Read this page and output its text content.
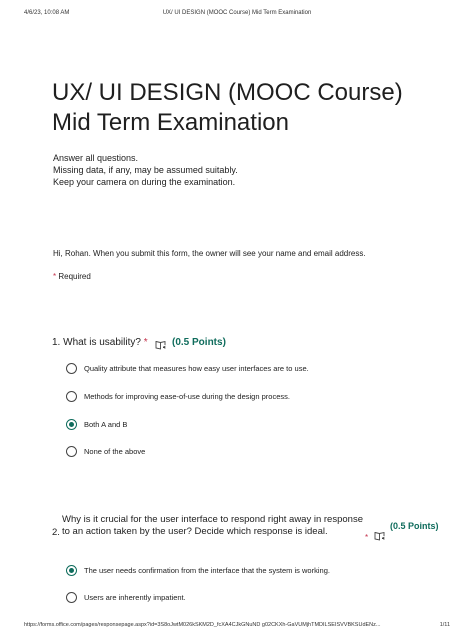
4/6/23, 10:08 AM	UX/ UI DESIGN (MOOC Course) Mid Term Examination
UX/ UI DESIGN (MOOC Course) Mid Term Examination
Answer all questions.
Missing data, if any, may be assumed suitably.
Keep your camera on during the examination.
Hi, Rohan. When you submit this form, the owner will see your name and email address.
* Required
1. What is usability? * (0.5 Points)
Quality attribute that measures how easy user interfaces are to use.
Methods for improving ease-of-use during the design process.
Both A and B
None of the above
Why is it crucial for the user interface to respond right away in response to an action taken by the user? Decide which response is ideal.
2.	*
(0.5 Points)
The user needs confirmation from the interface that the system is working.
Users are inherently impatient.
https://forms.office.com/pages/responsepage.aspx?id=3S8oJwtM026kSKM2D_fcXA4CJkGNuND g02CKXh-GaVUMjhTMDILSEISVVBKSUdENz...	1/11
